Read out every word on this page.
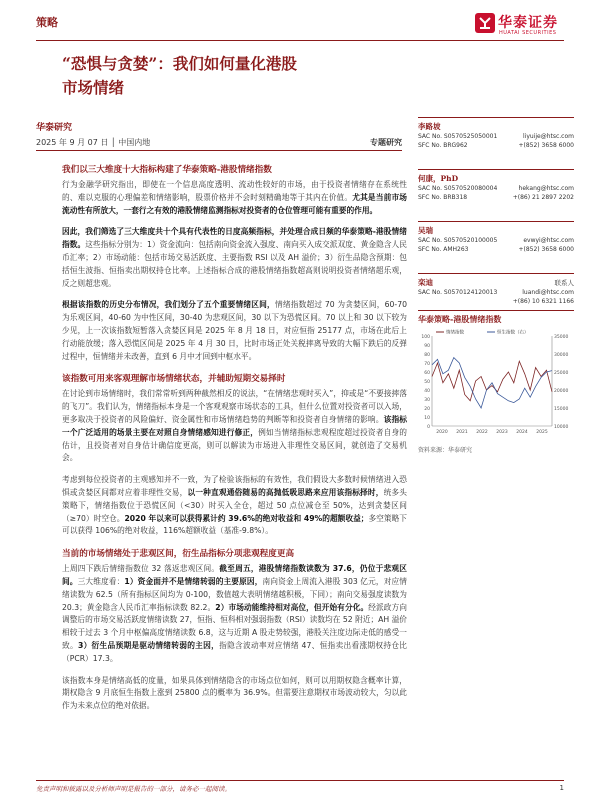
策略	华泰证券
HUATAI SECURITIES
“恐惧与贪婪”：我们如何量化港股
市场情绪
华泰研究
2025 年 9 月 07 日 │ 中国内地	专题研究
我们以三大维度十大指标构建了华泰策略-港股情绪指数
行为金融学研究指出，即使在一个信息高度透明、流动性较好的市场，由于投资者情绪存在系统性的、难以克服的心理偏差和情绪影响，股票价格并不会时刻精确地等于其内在价值。尤其是当前市场流动性有所放大，一套行之有效的港股情绪监测指标对投资者的仓位管理可能有重要的作用。
因此，我们筛选了三大维度共十个具有代表性的日度高频指标，并处理合成日频的华泰策略-港股情绪指数。这些指标分别为：1）资金流向：包括南向资金流入强度、南向买入成交派双度、黄金隐含人民币汇率；2）市场动能：包括市场交易活跃度、主要指数 RSI 以及 AH 溢价；3）衍生品隐含预期：包括恒生波指、恒指卖出期权持仓比率。上述指标合成的港股情绪指数超高则说明投资者情绪超乐观，反之则超悲观。
根据该指数的历史分布情况，我们划分了五个重要情绪区间，情绪指数超过 70 为贪婪区间，60-70 为乐观区间，40-60 为中性区间，30-40 为悲观区间，30 以下为恐慌区间。70 以上和 30 以下较为少见，上一次该指数短暂落入贪婪区间是 2025 年 8 月 18 日，对应恒指 25177 点，市场在此后上行动能放缓；落入恐慌区间是 2025 年 4 月 30 日，比时市场正处关税摔离导致的大幅下跌后的反弹过程中，恒情绪并未改善，直到 6 月中才回到中枢水平。
该指数可用来客观理解市场情绪状态，并辅助短期交易择时
在讨论到市场情绪时，我们常常听到两种截然相反的说法，“在情绪悲观时买入”，抑或是“不要接摔落的飞刀”。我们认为，情绪指标本身是一个客观观察市场状态的工具，但什么位置对投资者可以入场，更多取决于投资者的风险偏好、资金属性和市场情绪趋势的判断等和投资者自身情绪的影响。该指标一个广泛适用的场景主要在对照自身情绪感知进行修正，例如当情绪指标悲观程度超过投资者自身的估计，且投资者对自身估计确信度更高，则可以解读为市场进入非理性交易区间，就创造了交易机会。
考虑到每位投资者的主观感知并不一致，为了检验该指标的有效性，我们假设大多数时候情绪进入恐惧或贪婪区间都对应着非理性交易，以一种直观通俗随易的高抛低吸思路来应用该指标择时，统多头策略下，情绪指数位于恐慌区间（<30）时买入全仓，超过 50 点位减仓至 50%，达到贪婪区间（≥70）时空仓。2020 年以来可以获得累计约 39.6%的绝对收益和 49%的超额收益；多空策略下可以获得 106%的绝对收益，116%超额收益（基准-9.8%）。
当前的市场情绪处于悲观区间，衍生品指标分项悲观程度更高
上周四下跌后情绪指数位 32 落返悲观区间。截至周五，港股情绪指数读数为 37.6，仍位于悲观区间。三大维度看：1）资金面并不是情绪转弱的主要原因，南向资金上周流入港股 303 亿元，对应情绪读数为 62.5（所有指标区间均为 0-100，数值越大表明情绪越积极，下同）；南向交易强度读数为 20.3；黄金隐含人民币汇率指标读数 82.2。2）市场动能维持相对高位，但开始有分化。经派政方向调整后的市场交易活跃度情绪读数 27，恒指、恒科相对强弱指数（RSI）读数均在 52 附近；AH 溢价相较于过去 3 个月中枢偏高度情绪读数 6.8，这与近期 A 股走势较强，港股关注度边际走低的感受一致。3）衍生品预期是驱动情绪转弱的主因，指隐含波动率对应情绪 47、恒指卖出看涨期权持仓比（PCR）17.3。
该指数本身是情绪高低的度量，如果具体到情绪隐含的市场点位如何，则可以用期权隐含概率计算，期权隐含 9 月底恒生指数上涨到 25800 点的概率为 36.9%。但需要注意期权市场波动较大，匀以此作为未来点位的绝对依据。
李路坡
SAC No. S0570525050001	liyuije@htsc.com
SFC No. BRG962	+(852) 3658 6000
何康，PhD
SAC No. S0570520080004	hekang@htsc.com
SFC No. BRB318	+(86) 21 2897 2202
吴瑞
SAC No. S0570520100005	evwyi@htsc.com
SFC No. AMH263	+(852) 3658 6000
栾迪	联系人
SAC No. S0570124120013	luandi@htsc.com
+(86) 10 6321 1166
华泰策略-港股情绪指数
0
10
20
30
40
50
60
70
80
90
100
10000
15000
20000
25000
30000
35000
2020 2021 2022 2023 2024 2025
情绪指数	恒生指数（右）
资料来源：华泰研究
免责声明和披露以及分析师声明是报告的一部分，请务必一起阅读。	1
